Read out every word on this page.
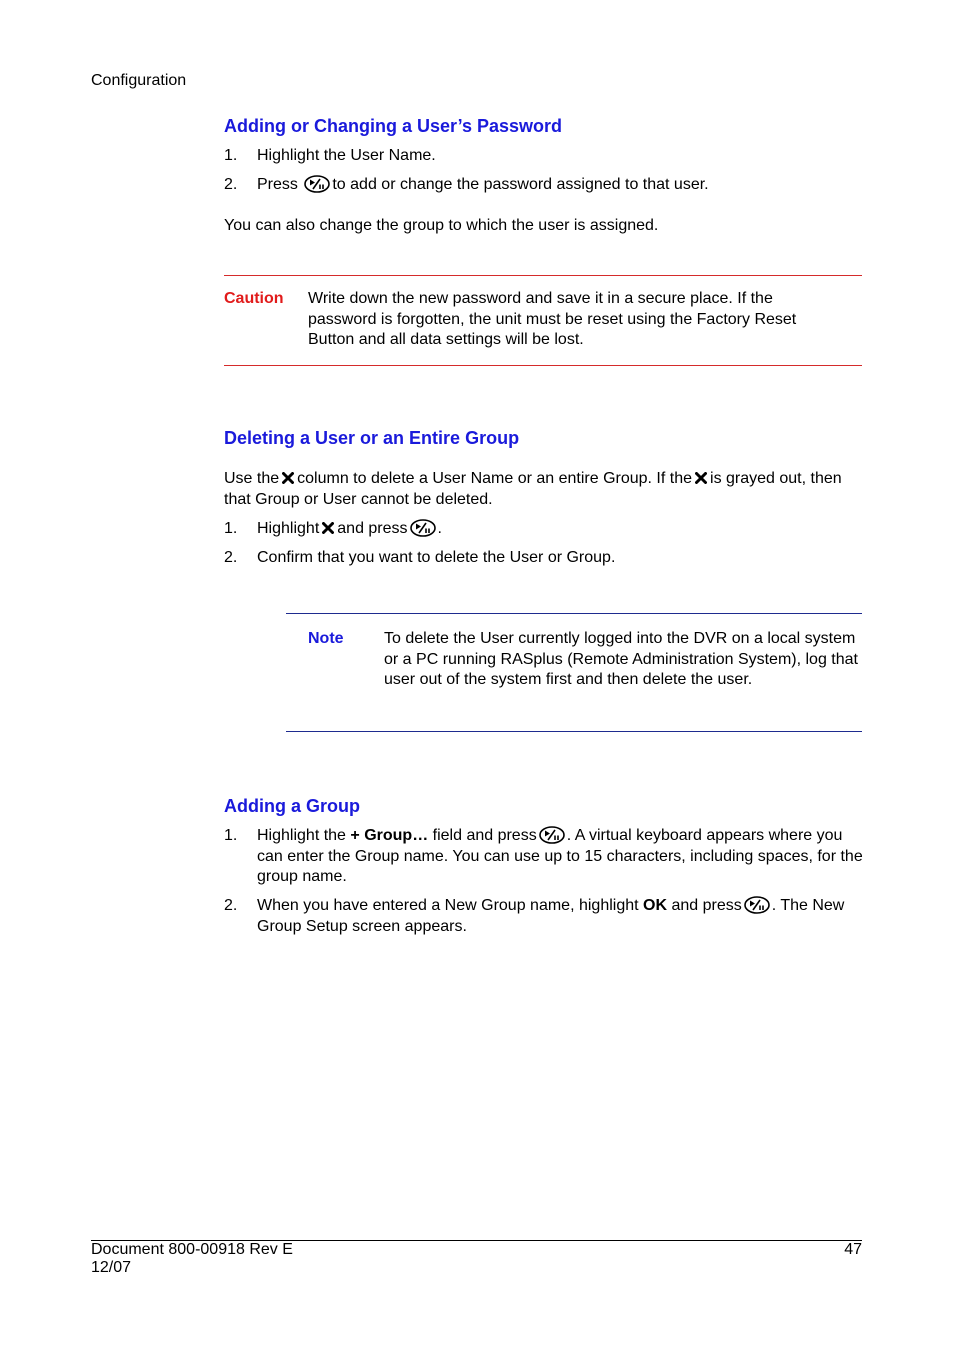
Configuration
Adding or Changing a User’s Password
1. Highlight the User Name.
2. Press to add or change the password assigned to that user.

You can also change the group to which the user is assigned.

Caution Write down the new password and save it in a secure place. If the password is forgotten, the unit must be reset using the Factory Reset Button and all data settings will be lost.

Deleting a User or an Entire Group

Use the column to delete a User Name or an entire Group. If the is grayed out, then that Group or User cannot be deleted.

1. Highlight and press .
2. Confirm that you want to delete the User or Group.
Note	To delete the User currently logged into the DVR on a local system or a PC running RASplus (Remote Administration System), log that user out of the system first and then delete the user.

Adding a Group
1. Highlight the + Group… field and press . A virtual keyboard appears where you can enter the Group name. You can use up to 15 characters, including spaces, for the group name.
2. When you have entered a New Group name, highlight OK and press . The New Group Setup screen appears.
Document 800-00918 Rev E
12/07
47
